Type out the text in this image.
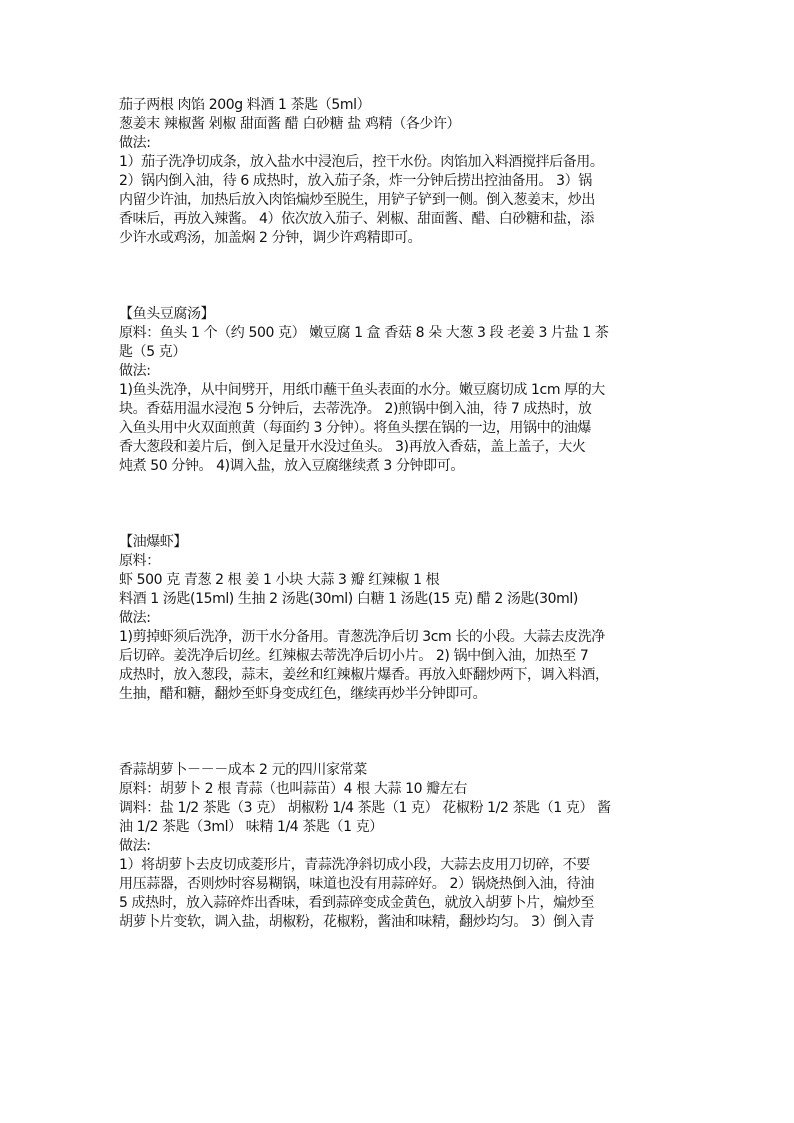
茄子两根 肉馅 200g 料酒 1 茶匙（5ml）
葱姜末 辣椒酱 剁椒 甜面酱 醋 白砂糖 盐 鸡精（各少许）
做法:
1）茄子洗净切成条，放入盐水中浸泡后，控干水份。肉馅加入料酒搅拌后备用。
2）锅内倒入油，待 6 成热时，放入茄子条，炸一分钟后捞出控油备用。 3）锅
内留少许油，加热后放入肉馅煸炒至脱生，用铲子铲到一侧。倒入葱姜末，炒出
香味后，再放入辣酱。 4）依次放入茄子、剁椒、甜面酱、醋、白砂糖和盐，添
少许水或鸡汤，加盖焖 2 分钟，调少许鸡精即可。
【鱼头豆腐汤】
原料：鱼头 1 个（约 500 克） 嫩豆腐 1 盒 香菇 8 朵 大葱 3 段 老姜 3 片盐 1 茶
匙（5 克）
做法:
1)鱼头洗净，从中间劈开，用纸巾蘸干鱼头表面的水分。嫩豆腐切成 1cm 厚的大
块。香菇用温水浸泡 5 分钟后，去蒂洗净。 2)煎锅中倒入油，待 7 成热时，放
入鱼头用中火双面煎黄（每面约 3 分钟）。将鱼头摆在锅的一边，用锅中的油爆
香大葱段和姜片后，倒入足量开水没过鱼头。 3)再放入香菇，盖上盖子，大火
炖煮 50 分钟。 4)调入盐，放入豆腐继续煮 3 分钟即可。
【油爆虾】
原料：
虾 500 克 青葱 2 根 姜 1 小块 大蒜 3 瓣 红辣椒 1 根
料酒 1 汤匙(15ml) 生抽 2 汤匙(30ml) 白糖 1 汤匙(15 克) 醋 2 汤匙(30ml)
做法:
1)剪掉虾须后洗净，沥干水分备用。青葱洗净后切 3cm 长的小段。大蒜去皮洗净
后切碎。姜洗净后切丝。红辣椒去蒂洗净后切小片。 2) 锅中倒入油，加热至 7
成热时，放入葱段，蒜末，姜丝和红辣椒片爆香。再放入虾翻炒两下，调入料酒，
生抽，醋和糖，翻炒至虾身变成红色，继续再炒半分钟即可。
香蒜胡萝卜－－－成本 2 元的四川家常菜
原料：胡萝卜 2 根 青蒜（也叫蒜苗）4 根 大蒜 10 瓣左右
调料：盐 1/2 茶匙（3 克） 胡椒粉 1/4 茶匙（1 克） 花椒粉 1/2 茶匙（1 克） 酱
油 1/2 茶匙（3ml） 味精 1/4 茶匙（1 克）
做法:
1）将胡萝卜去皮切成菱形片，青蒜洗净斜切成小段，大蒜去皮用刀切碎，不要
用压蒜器，否则炒时容易糊锅，味道也没有用蒜碎好。 2）锅烧热倒入油，待油
5 成热时，放入蒜碎炸出香味，看到蒜碎变成金黄色，就放入胡萝卜片，煸炒至
胡萝卜片变软，调入盐，胡椒粉，花椒粉，酱油和味精，翻炒均匀。 3）倒入青
